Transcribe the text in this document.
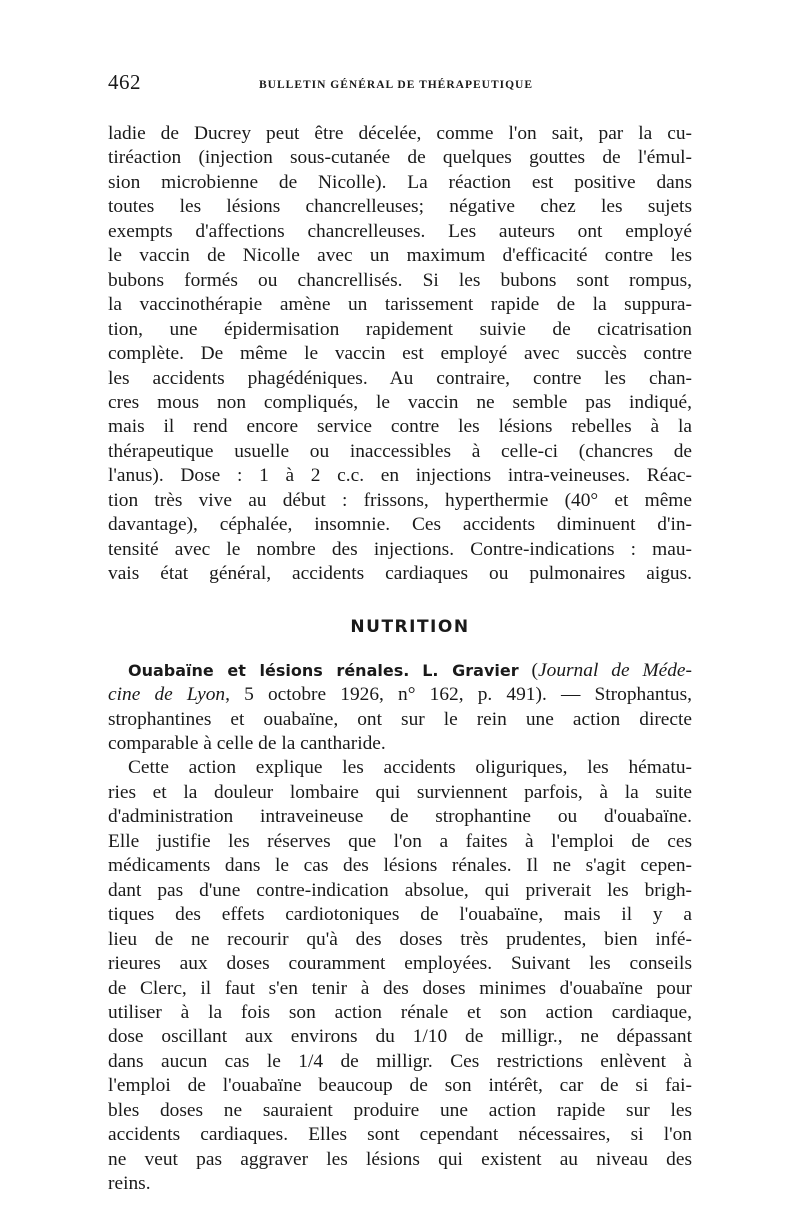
462	BULLETIN GÉNÉRAL DE THÉRAPEUTIQUE

ladie de Ducrey peut être décelée, comme l'on sait, par la cu-
tiréaction (injection sous-cutanée de quelques gouttes de l'émul-
sion microbienne de Nicolle). La réaction est positive dans
toutes les lésions chancrelleuses; négative chez les sujets
exempts d'affections chancrelleuses. Les auteurs ont employé
le vaccin de Nicolle avec un maximum d'efficacité contre les
bubons formés ou chancrellisés. Si les bubons sont rompus,
la vaccinothérapie amène un tarissement rapide de la suppura-
tion, une épidermisation rapidement suivie de cicatrisation
complète. De même le vaccin est employé avec succès contre
les accidents phagédéniques. Au contraire, contre les chan-
cres mous non compliqués, le vaccin ne semble pas indiqué,
mais il rend encore service contre les lésions rebelles à la
thérapeutique usuelle ou inaccessibles à celle-ci (chancres de
l'anus). Dose : 1 à 2 c.c. en injections intra-veineuses. Réac-
tion très vive au début : frissons, hyperthermie (40° et même
davantage), céphalée, insomnie. Ces accidents diminuent d'in-
tensité avec le nombre des injections. Contre-indications : mau-
vais état général, accidents cardiaques ou pulmonaires aigus.

NUTRITION

Ouabaïne et lésions rénales. L. Gravier (Journal de Méde-
cine de Lyon, 5 octobre 1926, n° 162, p. 491). — Strophantus,
strophantines et ouabaïne, ont sur le rein une action directe
comparable à celle de la cantharide.

Cette action explique les accidents oliguriques, les hématu-
ries et la douleur lombaire qui surviennent parfois, à la suite
d'administration intraveineuse de strophantine ou d'ouabaïne.
Elle justifie les réserves que l'on a faites à l'emploi de ces
médicaments dans le cas des lésions rénales. Il ne s'agit cepen-
dant pas d'une contre-indication absolue, qui priverait les brigh-
tiques des effets cardiotoniques de l'ouabaïne, mais il y a
lieu de ne recourir qu'à des doses très prudentes, bien infé-
rieures aux doses couramment employées. Suivant les conseils
de Clerc, il faut s'en tenir à des doses minimes d'ouabaïne pour
utiliser à la fois son action rénale et son action cardiaque,
dose oscillant aux environs du 1/10 de milligr., ne dépassant
dans aucun cas le 1/4 de milligr. Ces restrictions enlèvent à
l'emploi de l'ouabaïne beaucoup de son intérêt, car de si fai-
bles doses ne sauraient produire une action rapide sur les
accidents cardiaques. Elles sont cependant nécessaires, si l'on
ne veut pas aggraver les lésions qui existent au niveau des
reins.
